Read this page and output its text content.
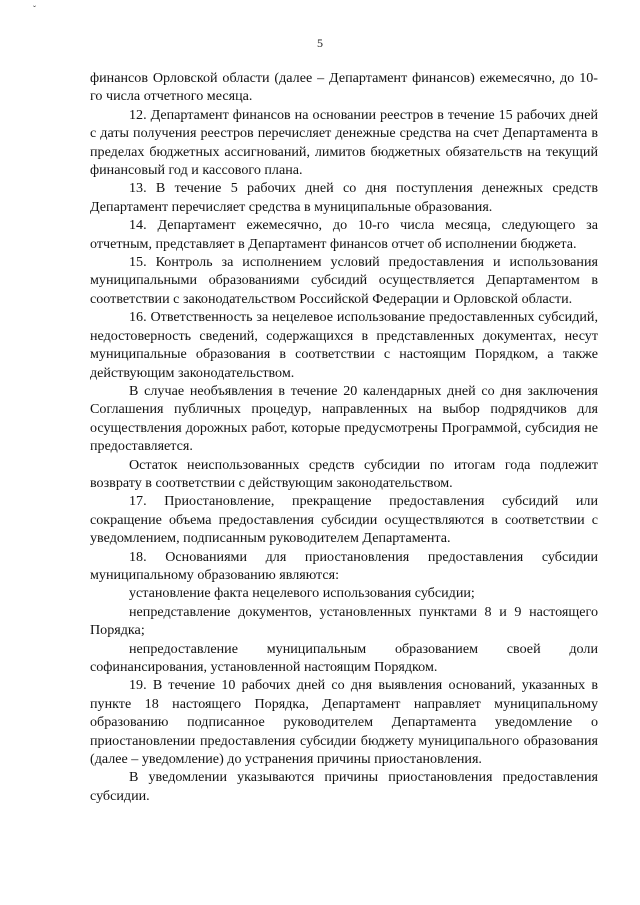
ˇ
5

финансов Орловской области (далее – Департамент финансов) ежемесячно, до 10-го числа отчетного месяца.

12. Департамент финансов на основании реестров в течение 15 рабочих дней с даты получения реестров перечисляет денежные средства на счет Департамента в пределах бюджетных ассигнований, лимитов бюджетных обязательств на текущий финансовый год и кассового плана.

13. В течение 5 рабочих дней со дня поступления денежных средств Департамент перечисляет средства в муниципальные образования.

14. Департамент ежемесячно, до 10-го числа месяца, следующего за отчетным, представляет в Департамент финансов отчет об исполнении бюджета.

15. Контроль за исполнением условий предоставления и использования муниципальными образованиями субсидий осуществляется Департаментом в соответствии с законодательством Российской Федерации и Орловской области.

16. Ответственность за нецелевое использование предоставленных субсидий, недостоверность сведений, содержащихся в представленных документах, несут муниципальные образования в соответствии с настоящим Порядком, а также действующим законодательством.

В случае необъявления в течение 20 календарных дней со дня заключения Соглашения публичных процедур, направленных на выбор подрядчиков для осуществления дорожных работ, которые предусмотрены Программой, субсидия не предоставляется.

Остаток неиспользованных средств субсидии по итогам года подлежит возврату в соответствии с действующим законодательством.

17. Приостановление, прекращение предоставления субсидий или сокращение объема предоставления субсидии осуществляются в соответствии с уведомлением, подписанным руководителем Департамента.

18. Основаниями для приостановления предоставления субсидии муниципальному образованию являются:

установление факта нецелевого использования субсидии;

непредставление документов, установленных пунктами 8 и 9 настоящего Порядка;

непредоставление муниципальным образованием своей доли софинансирования, установленной настоящим Порядком.

19. В течение 10 рабочих дней со дня выявления оснований, указанных в пункте 18 настоящего Порядка, Департамент направляет муниципальному образованию подписанное руководителем Департамента уведомление о приостановлении предоставления субсидии бюджету муниципального образования (далее – уведомление) до устранения причины приостановления.

В уведомлении указываются причины приостановления предоставления субсидии.
